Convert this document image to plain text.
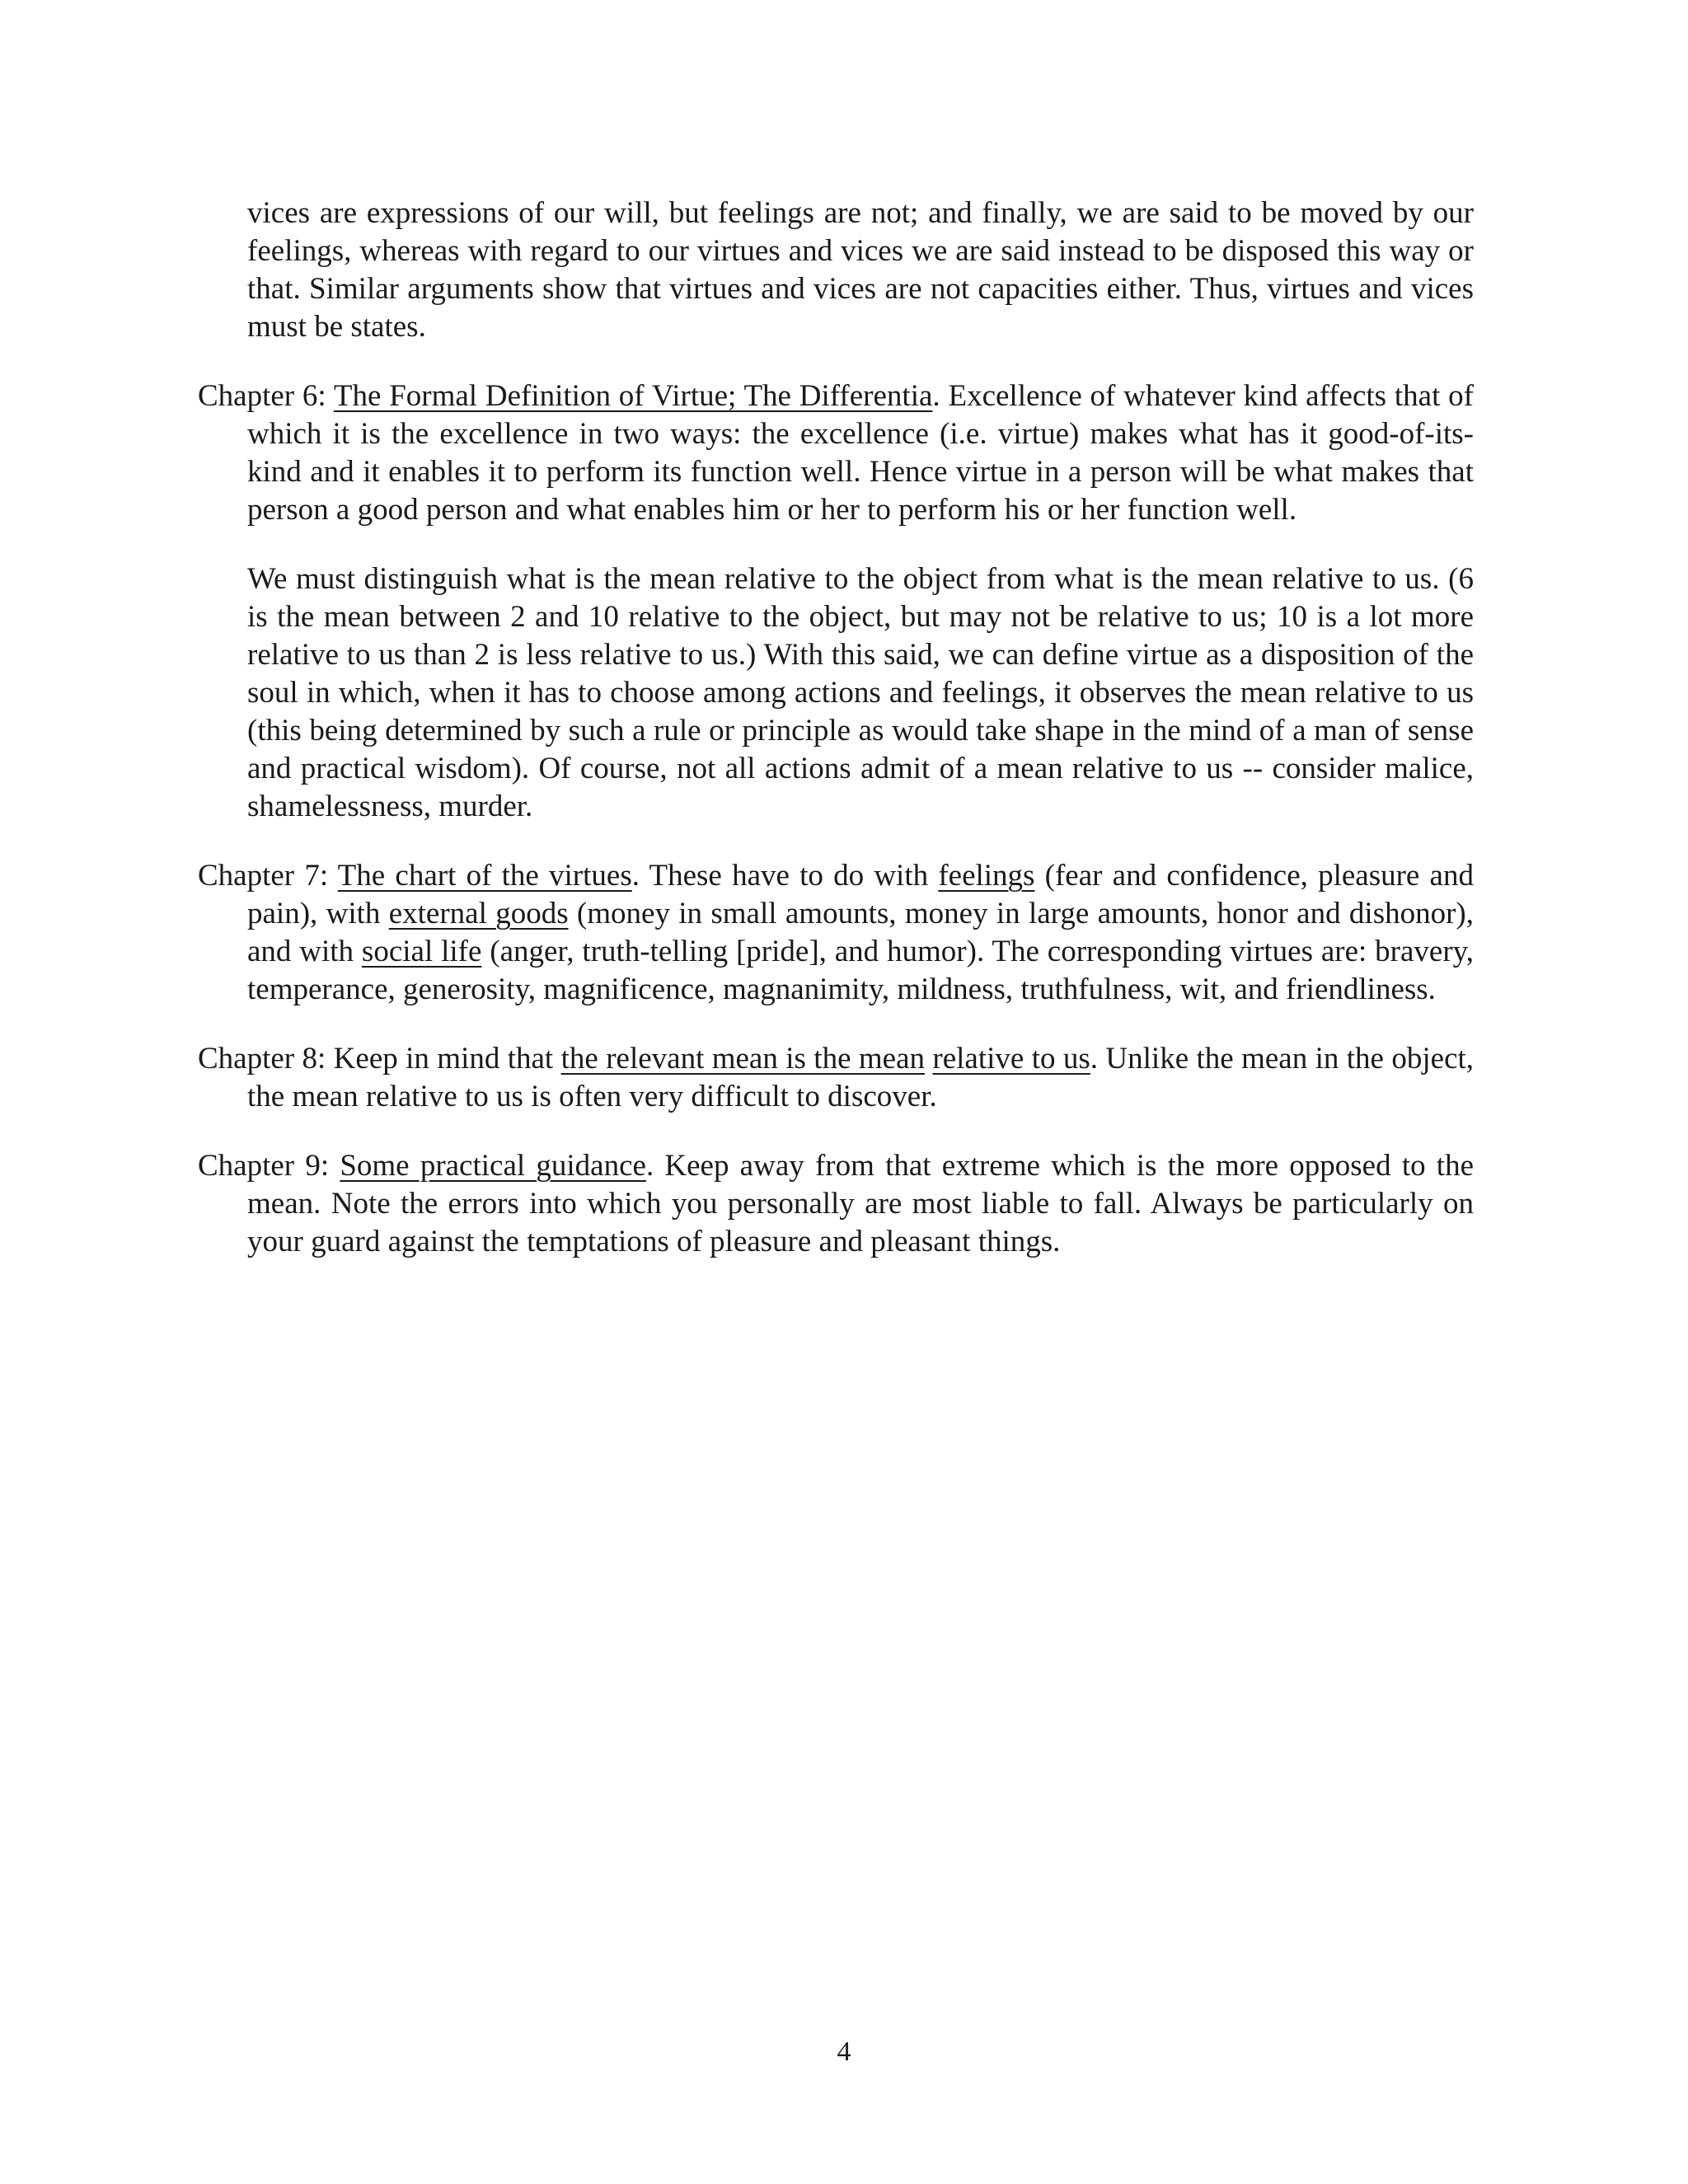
vices are expressions of our will, but feelings are not; and finally, we are said to be moved by our feelings, whereas with regard to our virtues and vices we are said instead to be disposed this way or that. Similar arguments show that virtues and vices are not capacities either. Thus, virtues and vices must be states.

Chapter 6: The Formal Definition of Virtue; The Differentia. Excellence of whatever kind affects that of which it is the excellence in two ways: the excellence (i.e. virtue) makes what has it good-of-its-kind and it enables it to perform its function well. Hence virtue in a person will be what makes that person a good person and what enables him or her to perform his or her function well.

We must distinguish what is the mean relative to the object from what is the mean relative to us. (6 is the mean between 2 and 10 relative to the object, but may not be relative to us; 10 is a lot more relative to us than 2 is less relative to us.) With this said, we can define virtue as a disposition of the soul in which, when it has to choose among actions and feelings, it observes the mean relative to us (this being determined by such a rule or principle as would take shape in the mind of a man of sense and practical wisdom). Of course, not all actions admit of a mean relative to us -- consider malice, shamelessness, murder.

Chapter 7: The chart of the virtues. These have to do with feelings (fear and confidence, pleasure and pain), with external goods (money in small amounts, money in large amounts, honor and dishonor), and with social life (anger, truth-telling [pride], and humor). The corresponding virtues are: bravery, temperance, generosity, magnificence, magnanimity, mildness, truthfulness, wit, and friendliness.

Chapter 8: Keep in mind that the relevant mean is the mean relative to us. Unlike the mean in the object, the mean relative to us is often very difficult to discover.

Chapter 9: Some practical guidance. Keep away from that extreme which is the more opposed to the mean. Note the errors into which you personally are most liable to fall. Always be particularly on your guard against the temptations of pleasure and pleasant things.

4
